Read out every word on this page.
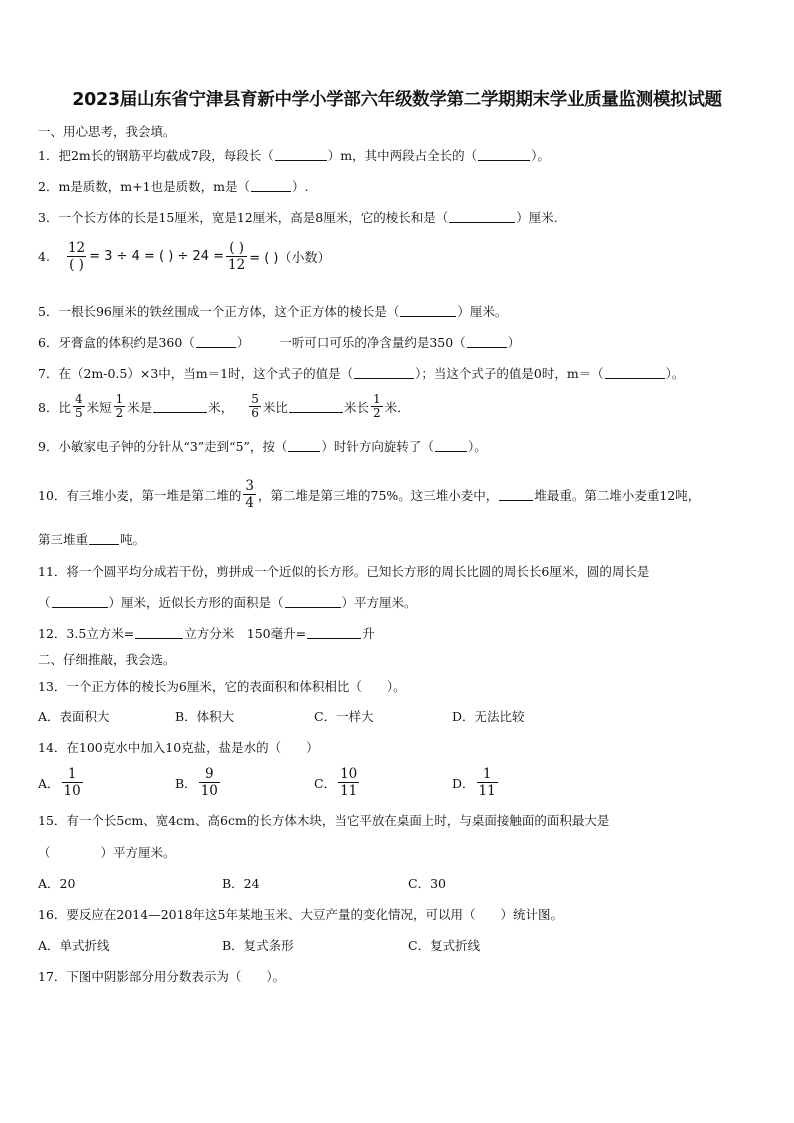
2023届山东省宁津县育新中学小学部六年级数学第二学期期末学业质量监测模拟试题
一、用心思考，我会填。
1．把2m长的钢筋平均截成7段，每段长（	）m，其中两段占全长的（	）。
2．m是质数，m+1也是质数，m是（	）.
3．一个长方体的长是15厘米，宽是12厘米，高是8厘米，它的棱长和是（	）厘米.
4. $\frac{12}{( )} = 3 \div 4$ = ( ) ÷ $24 = \frac{( )}{12}$ = ( )（小数）
5．一根长96厘米的铁丝围成一个正方体，这个正方体的棱长是（	）厘米。
6．牙膏盒的体积约是360（	） 一听可口可乐的净含量约是350（	）
7．在（2m-0.5）×3中，当m＝1时，这个式子的值是（	）；当这个式子的值是0时，m＝（	）。
8．比 $\frac{4}{5}$ 米短 $\frac{1}{2}$ 米是	米， $\frac{5}{6}$ 米比	米长 $\frac{1}{2}$ 米．
9．小敏家电子钟的分针从“3”走到“5”，按（	）时针方向旋转了（	）。
10．有三堆小麦，第一堆是第二堆的 $\frac{3}{4}$ ，第二堆是第三堆的75%。这三堆小麦中，	堆最重。第二堆小麦重12吨，
第三堆重	吨。
11．将一个圆平均分成若干份，剪拼成一个近似的长方形。已知长方形的周长比圆的周长长6厘米，圆的周长是
（	）厘米，近似长方形的面积是（	）平方厘米。
12．3.5立方米=	立方分米　150毫升=	升
二、仔细推敲，我会选。
13．一个正方体的棱长为6厘米，它的表面积和体积相比（　　）。
A．表面积大	B．体积大	C．一样大	D．无法比较
14．在100克水中加入10克盐，盐是水的（　　）
A． $\frac{1}{10}$	B． $\frac{9}{10}$	C． $\frac{10}{11}$	D． $\frac{1}{11}$
15．有一个长5cm、宽4cm、高6cm的长方体木块，当它平放在桌面上时，与桌面接触面的面积最大是
（　　　　）平方厘米。
A．20	B．24	C．30
16．要反应在2014—2018年这5年某地玉米、大豆产量的变化情况，可以用（　　）统计图。
A．单式折线	B．复式条形	C．复式折线
17．下图中阴影部分用分数表示为（　　）。
